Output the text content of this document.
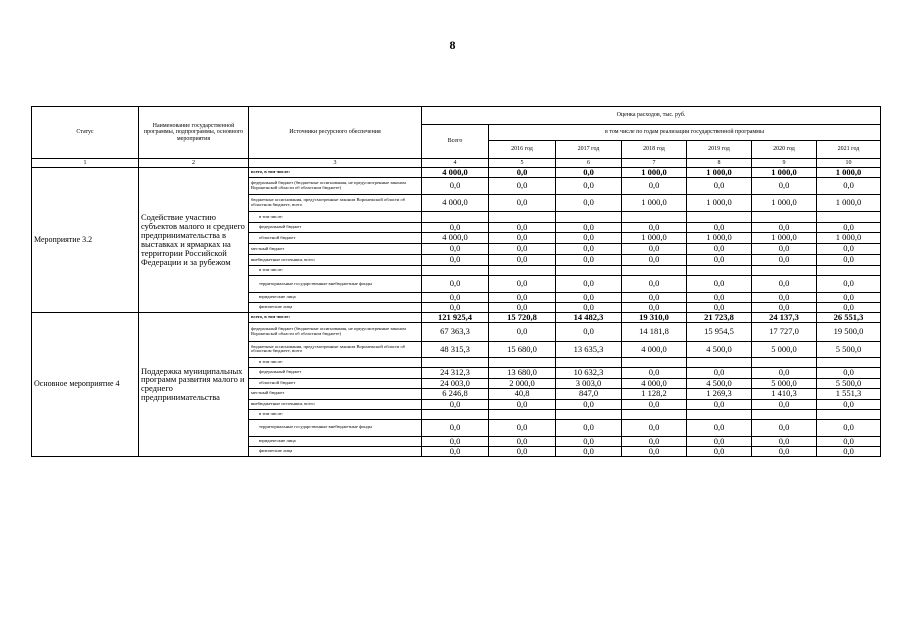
8
Статус	Наименование государственной программы, подпрограммы, основного мероприятия	Источники ресурсного обеспечения	Оценка расходов, тыс. руб.						
			Всего	в том числе по годам реализации государственной программы					
				2016 год	2017 год	2018 год	2019 год	2020 год	2021 год
1	2	3	4	5	6	7	8	9	10
Мероприятие 3.2	Содействие участию субъектов малого и среднего предпринимательства в выставках и ярмарках на территории Российской Федерации и за рубежом	всего, в том числе:	4 000,0	0,0	0,0	1 000,0	1 000,0	1 000,0	1 000,0
		федеральный бюджет (бюджетные ассигнования, не предусмотренные законом Воронежской области об областном бюджете)	0,0	0,0	0,0	0,0	0,0	0,0	0,0
		бюджетные ассигнования, предусмотренные законом Воронежской области об областном бюджете, всего	4 000,0	0,0	0,0	1 000,0	1 000,0	1 000,0	1 000,0
		в том числе:							
		федеральный бюджет	0,0	0,0	0,0	0,0	0,0	0,0	0,0
		областной бюджет	4 000,0	0,0	0,0	1 000,0	1 000,0	1 000,0	1 000,0
		местный бюджет	0,0	0,0	0,0	0,0	0,0	0,0	0,0
		внебюджетные источники, всего	0,0	0,0	0,0	0,0	0,0	0,0	0,0
		в том числе:							
		территориальные государственные внебюджетные фонды	0,0	0,0	0,0	0,0	0,0	0,0	0,0
		юридические лица	0,0	0,0	0,0	0,0	0,0	0,0	0,0
		физические лица	0,0	0,0	0,0	0,0	0,0	0,0	0,0
Основное мероприятие 4	Поддержка муниципальных программ развития малого и среднего предпринимательства	всего, в том числе:	121 925,4	15 720,8	14 482,3	19 310,0	21 723,8	24 137,3	26 551,3
		федеральный бюджет (бюджетные ассигнования, не предусмотренные законом Воронежской области об областном бюджете)	67 363,3	0,0	0,0	14 181,8	15 954,5	17 727,0	19 500,0
		бюджетные ассигнования, предусмотренные законом Воронежской области об областном бюджете, всего	48 315,3	15 680,0	13 635,3	4 000,0	4 500,0	5 000,0	5 500,0
		в том числе:							
		федеральный бюджет	24 312,3	13 680,0	10 632,3	0,0	0,0	0,0	0,0
		областной бюджет	24 003,0	2 000,0	3 003,0	4 000,0	4 500,0	5 000,0	5 500,0
		местный бюджет	6 246,8	40,8	847,0	1 128,2	1 269,3	1 410,3	1 551,3
		внебюджетные источники, всего	0,0	0,0	0,0	0,0	0,0	0,0	0,0
		в том числе:							
		территориальные государственные внебюджетные фонды	0,0	0,0	0,0	0,0	0,0	0,0	0,0
		юридические лица	0,0	0,0	0,0	0,0	0,0	0,0	0,0
		физические лица	0,0	0,0	0,0	0,0	0,0	0,0	0,0
